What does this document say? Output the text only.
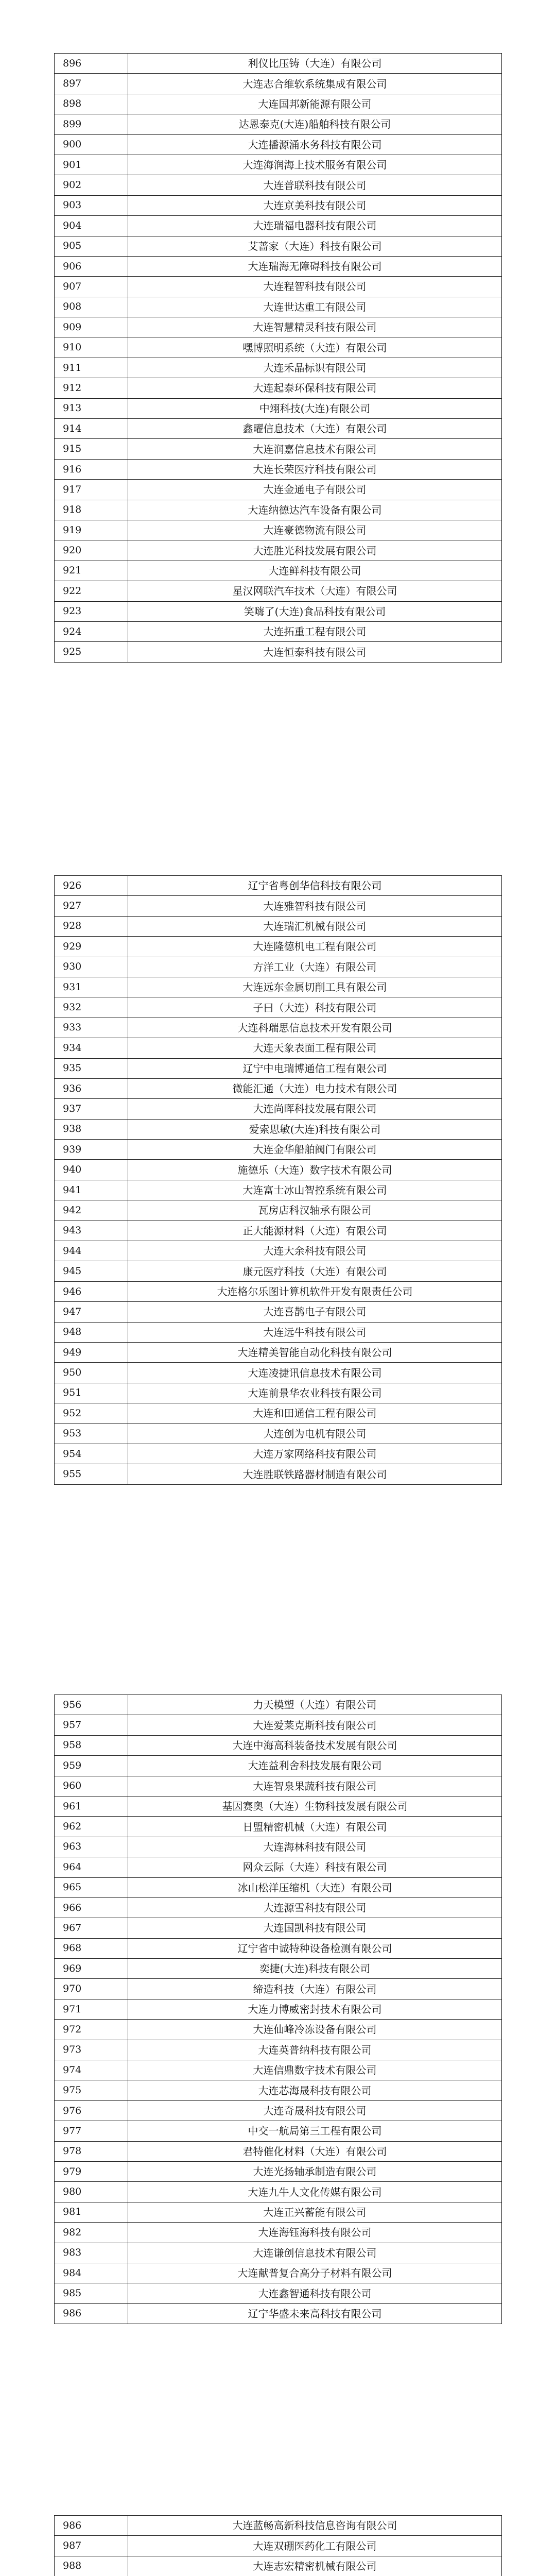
896	利仪比压铸（大连）有限公司
897	大连志合维软系统集成有限公司
898	大连国邦新能源有限公司
899	达恩泰克(大连)船舶科技有限公司
900	大连播源涌水务科技有限公司
901	大连海润海上技术服务有限公司
902	大连普联科技有限公司
903	大连京美科技有限公司
904	大连瑞福电器科技有限公司
905	艾蔷家（大连）科技有限公司
906	大连瑞海无障碍科技有限公司
907	大连程智科技有限公司
908	大连世达重工有限公司
909	大连智慧精灵科技有限公司
910	嘿博照明系统（大连）有限公司
911	大连禾晶标识有限公司
912	大连起泰环保科技有限公司
913	中翊科技(大连)有限公司
914	鑫曜信息技术（大连）有限公司
915	大连润嘉信息技术有限公司
916	大连长荣医疗科技有限公司
917	大连金通电子有限公司
918	大连纳德达汽车设备有限公司
919	大连豪德物流有限公司
920	大连胜光科技发展有限公司
921	大连鲜科技有限公司
922	星汉网联汽车技术（大连）有限公司
923	笑嗨了(大连)食品科技有限公司
924	大连拓重工程有限公司
925	大连恒泰科技有限公司
926	辽宁省粤创华信科技有限公司
927	大连雅智科技有限公司
928	大连瑞汇机械有限公司
929	大连隆德机电工程有限公司
930	方洋工业（大连）有限公司
931	大连远东金属切削工具有限公司
932	子曰（大连）科技有限公司
933	大连科瑞思信息技术开发有限公司
934	大连天象表面工程有限公司
935	辽宁中电瑞博通信工程有限公司
936	微能汇通（大连）电力技术有限公司
937	大连尚晖科技发展有限公司
938	爱索思敏(大连)科技有限公司
939	大连金华船舶阀门有限公司
940	施德乐（大连）数字技术有限公司
941	大连富士冰山智控系统有限公司
942	瓦房店科汉轴承有限公司
943	正大能源材料（大连）有限公司
944	大连大余科技有限公司
945	康元医疗科技（大连）有限公司
946	大连格尔乐图计算机软件开发有限责任公司
947	大连喜鹊电子有限公司
948	大连远牛科技有限公司
949	大连精美智能自动化科技有限公司
950	大连凌捷讯信息技术有限公司
951	大连前景华农业科技有限公司
952	大连和田通信工程有限公司
953	大连创为电机有限公司
954	大连万家网络科技有限公司
955	大连胜联铁路器材制造有限公司
956	力天模塑（大连）有限公司
957	大连爱莱克斯科技有限公司
958	大连中海高科装备技术发展有限公司
959	大连益利舍科技发展有限公司
960	大连智泉果蔬科技有限公司
961	基因赛奥（大连）生物科技发展有限公司
962	日盟精密机械（大连）有限公司
963	大连海林科技有限公司
964	网众云际（大连）科技有限公司
965	冰山松洋压缩机（大连）有限公司
966	大连源雪科技有限公司
967	大连国凯科技有限公司
968	辽宁省中诚特种设备检测有限公司
969	奕捷(大连)科技有限公司
970	缔造科技（大连）有限公司
971	大连力博威密封技术有限公司
972	大连仙峰冷冻设备有限公司
973	大连英普纳科技有限公司
974	大连信鼎数字技术有限公司
975	大连芯海晟科技有限公司
976	大连奇晟科技有限公司
977	中交一航局第三工程有限公司
978	君特催化材料（大连）有限公司
979	大连光扬轴承制造有限公司
980	大连九牛人文化传媒有限公司
981	大连正兴蓄能有限公司
982	大连海钰海科技有限公司
983	大连谦创信息技术有限公司
984	大连献普复合高分子材料有限公司
985	大连鑫智通科技有限公司
986	辽宁华盛未来高科技有限公司
986	大连蓝畅高新科技信息咨询有限公司
987	大连双硼医药化工有限公司
988	大连志宏精密机械有限公司
